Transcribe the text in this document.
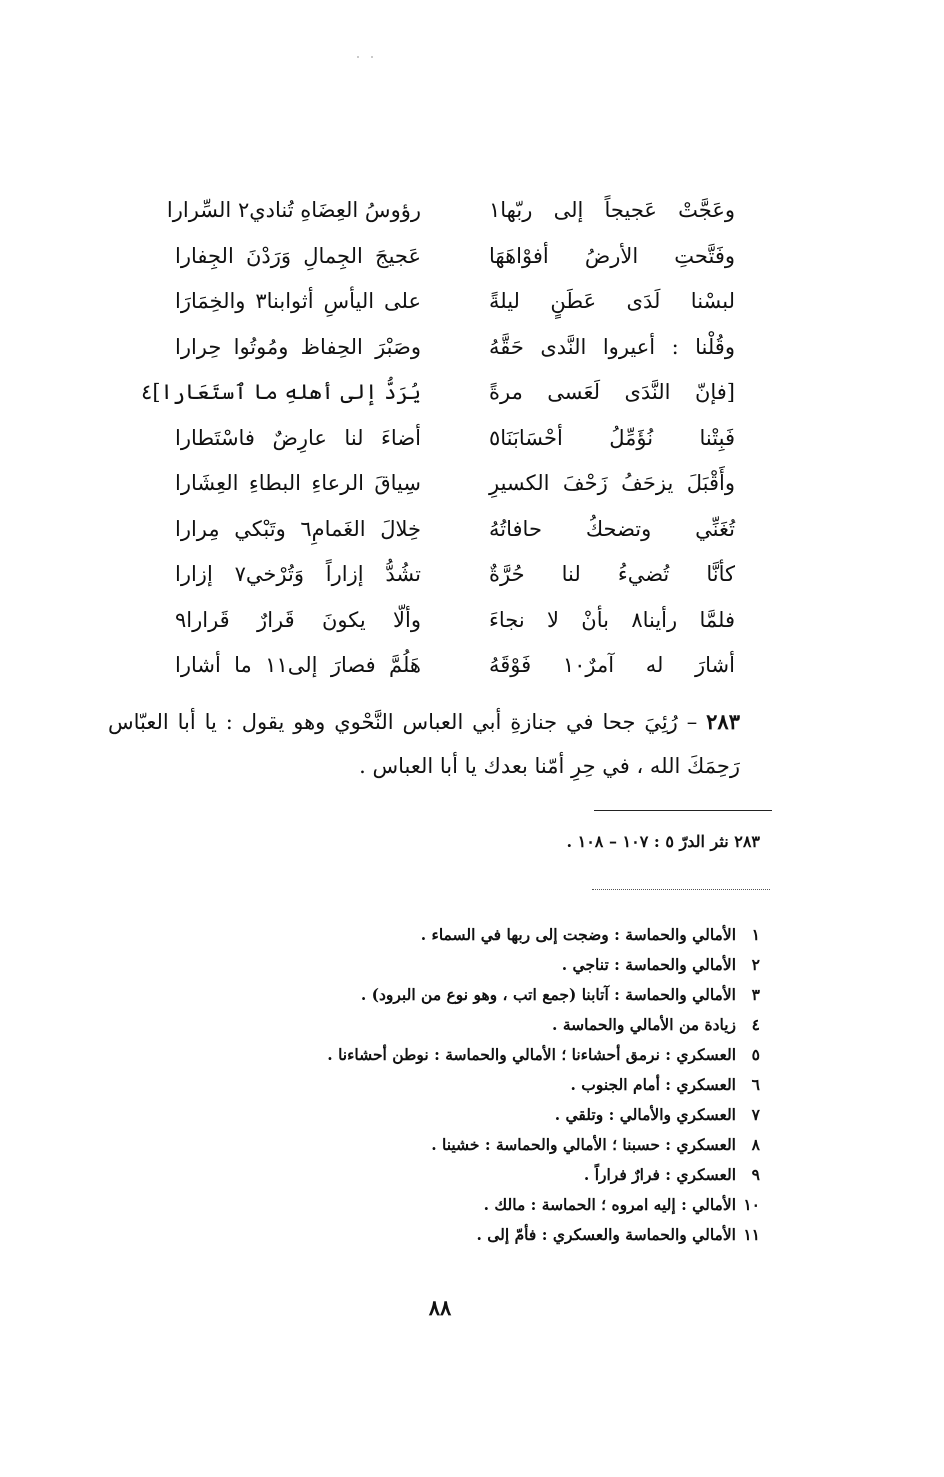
وعَجَّتْ عَجيجاً إلى ربّها١
رؤوسُ العِضَاهِ تُنادي٢ السِّرارا
وفَتَّحتِ الأرضُ أفوْاهَهَا
عَجيجَ الجِمالِ وَرَدْنَ الجِفارا
لبسْنا لَدَى عَطَنٍ ليلةً
على اليأسِ أثوابنا٣ والخِمَارَا
وقُلْنا : أعيروا النَّدى حَقَّهُ
وصَبْرَ الحِفاظ ومُوتُوا حِرارا
[فإنّ النَّدَى لَعَسى مرةً
يُرَدُّ إلى أهلهِ ما ٱستَعَارا]٤
فَبِتْنا نُؤَمِّلُ أحْسَابَنَا٥
أضاءَ لنا عارِضٌ فاسْتَطارا
وأَقْبَلَ يزحَفُ زَحْفَ الكسيرِ
سِياقَ الرعاءِ البطاءِ العِشَارا
تُغَنِّي وتضحكُ حافاتُهُ
خِلالَ الغَمامِ٦ وتَبْكي مِرارا
كأنَّا تُضيءُ لنا حُرَّةٌ
تشُدُّ إزاراً وَتُرْخي٧ إزارا
فلمَّا رأينا٨ بأنْ لا نجاءَ
وألّا يكونَ قَرارٌ قَرارا٩
أشارَ له آمرٌ١٠ فَوْقَهُ
هَلُمَّ فصارَ إلى١١ ما أشارا
٢٨٣ – رُئِيَ جحا في جنازةِ أبي العباس النَّحْوي وهو يقول : يا أبا العبّاس رَحِمَكَ الله ، في حِرِ أمّنا بعدك يا أبا العباس .
٢٨٣ نثر الدرّ ٥ : ١٠٧ – ١٠٨ .
١الأمالي والحماسة : وضجت إلى ربها في السماء .
٢الأمالي والحماسة : تناجي .
٣الأمالي والحماسة : آتابنا (جمع اتب ، وهو نوع من البرود) .
٤زيادة من الأمالي والحماسة .
٥العسكري : نرمق أحشاءنا ؛ الأمالي والحماسة : نوطن أحشاءنا .
٦العسكري : أمام الجنوب .
٧العسكري والأمالي : وتلقي .
٨العسكري : حسبنا ؛ الأمالي والحماسة : خشينا .
٩العسكري : فرارٌ فراراً .
١٠الأمالي : إليه امروه ؛ الحماسة : مالك .
١١الأمالي والحماسة والعسكري : فأمّ إلى .
٨٨
